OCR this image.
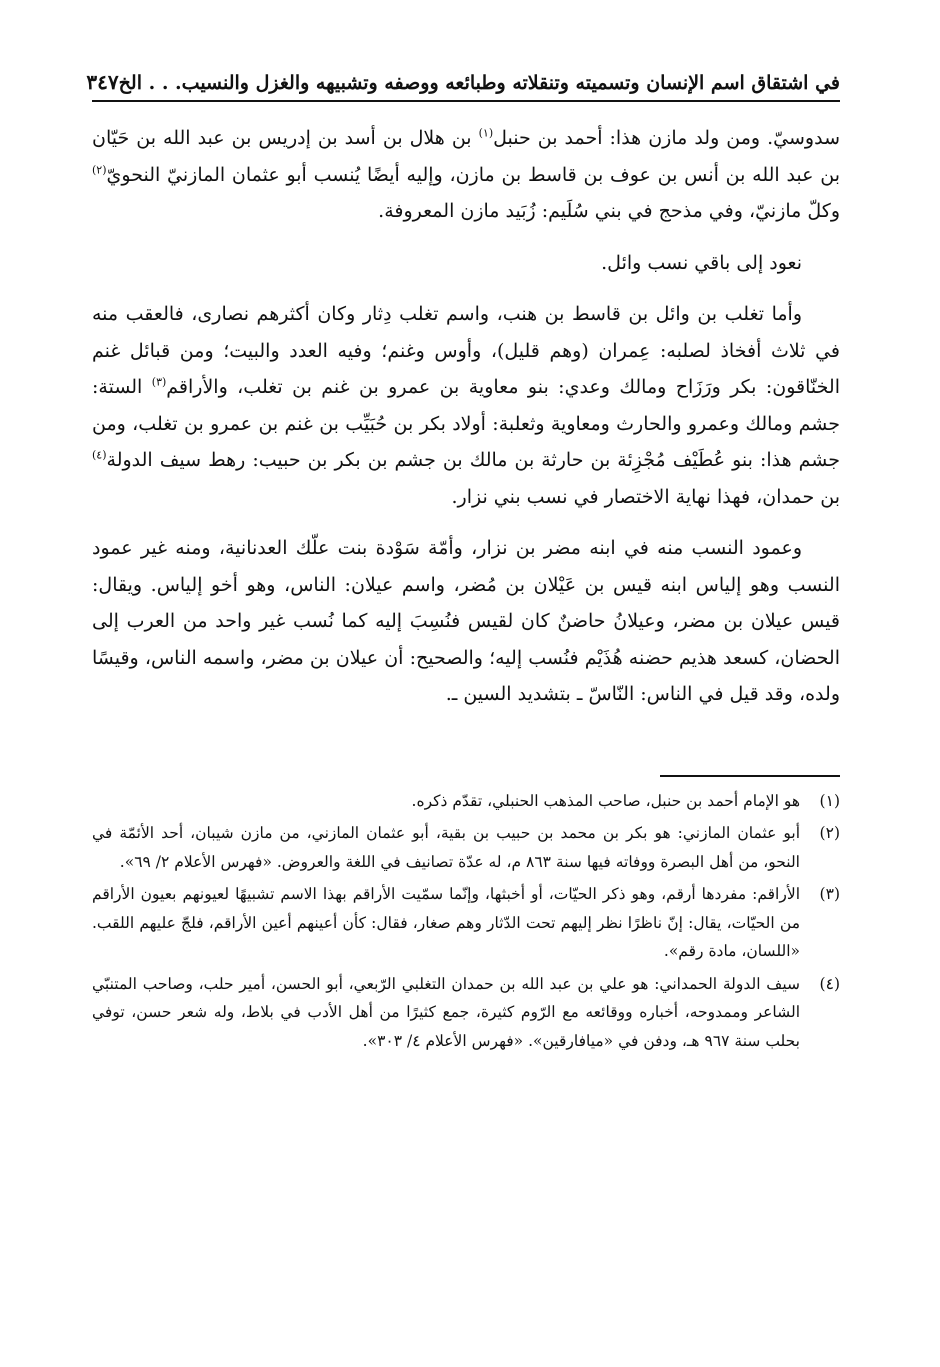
في اشتقاق اسم الإنسان وتسميته وتنقلاته وطبائعه ووصفه وتشبيهه والغزل والنسيب. . . الخ
٣٤٧

سدوسيّ. ومن ولد مازن هذا: أحمد بن حنبل$^{(١)}$ بن هلال بن أسد بن إدريس بن عبد الله بن حَيّان بن عبد الله بن أنس بن عوف بن قاسط بن مازن، وإليه أيضًا يُنسب أبو عثمان المازنيّ النحويّ$^{(٢)}$ وكلّ مازنيّ، وفي مذحج في بني سُلَيم: زُبَيد مازن المعروفة.

نعود إلى باقي نسب وائل.

وأما تغلب بن وائل بن قاسط بن هنب، واسم تغلب دِثار وكان أكثرهم نصارى، فالعقب منه في ثلاث أفخاذ لصلبه: عِمران (وهم قليل)، وأوس وغنم؛ وفيه العدد والبيت؛ ومن قبائل غنم الخنّاقون: بكر ورَزَاح ومالك وعدي: بنو معاوية بن عمرو بن غنم بن تغلب، والأراقم$^{(٣)}$ الستة: جشم ومالك وعمرو والحارث ومعاوية وثعلبة: أولاد بكر بن حُبَيِّب بن غنم بن عمرو بن تغلب، ومن جشم هذا: بنو عُطَيْف مُجْزِئة بن حارثة بن مالك بن جشم بن بكر بن حبيب: رهط سيف الدولة$^{(٤)}$ بن حمدان، فهذا نهاية الاختصار في نسب بني نزار.

وعمود النسب منه في ابنه مضر بن نزار، وأمّة سَوْدة بنت علّك العدنانية، ومنه غير عمود النسب وهو إلياس ابنه قيس بن عَيْلان بن مُضر، واسم عيلان: الناس، وهو أخو إلياس. ويقال: قيس عيلان بن مضر، وعيلانُ حاضنٌ كان لقيس فنُسِبَ إليه كما نُسب غير واحد من العرب إلى الحضان، كسعد هذيم حضنه هُذَيْم فنُسب إليه؛ والصحيح: أن عيلان بن مضر، واسمه الناس، وقيسًا ولده، وقد قيل في الناس: النّاسّ ـ بتشديد السين ـ.

(١)
هو الإمام أحمد بن حنبل، صاحب المذهب الحنبلي، تقدّم ذكره.
(٢)
أبو عثمان المازني: هو بكر بن محمد بن حبيب بن بقية، أبو عثمان المازني، من مازن شيبان، أحد الأئمّة في النحو، من أهل البصرة ووفاته فيها سنة ٨٦٣ م، له عدّة تصانيف في اللغة والعروض. «فهرس الأعلام ٢/ ٦٩».
(٣)
الأراقم: مفردها أرقم، وهو ذكر الحيّات، أو أخبثها، وإنّما سمّيت الأراقم بهذا الاسم تشبيهًا لعيونهم بعيون الأراقم من الحيّات، يقال: إنّ ناظرًا نظر إليهم تحت الدّثار وهم صغار، فقال: كأن أعينهم أعين الأراقم، فلجّ عليهم اللقب. «اللسان، مادة رقم».
(٤)
سيف الدولة الحمداني: هو علي بن عبد الله بن حمدان التغلبي الرّبعي، أبو الحسن، أمير حلب، وصاحب المتنبّي الشاعر وممدوحه، أخباره ووقائعه مع الرّوم كثيرة، جمع كثيرًا من أهل الأدب في بلاط، وله شعر حسن، توفي بحلب سنة ٩٦٧ هـ، ودفن في «ميافارقين». «فهرس الأعلام ٤/ ٣٠٣».
